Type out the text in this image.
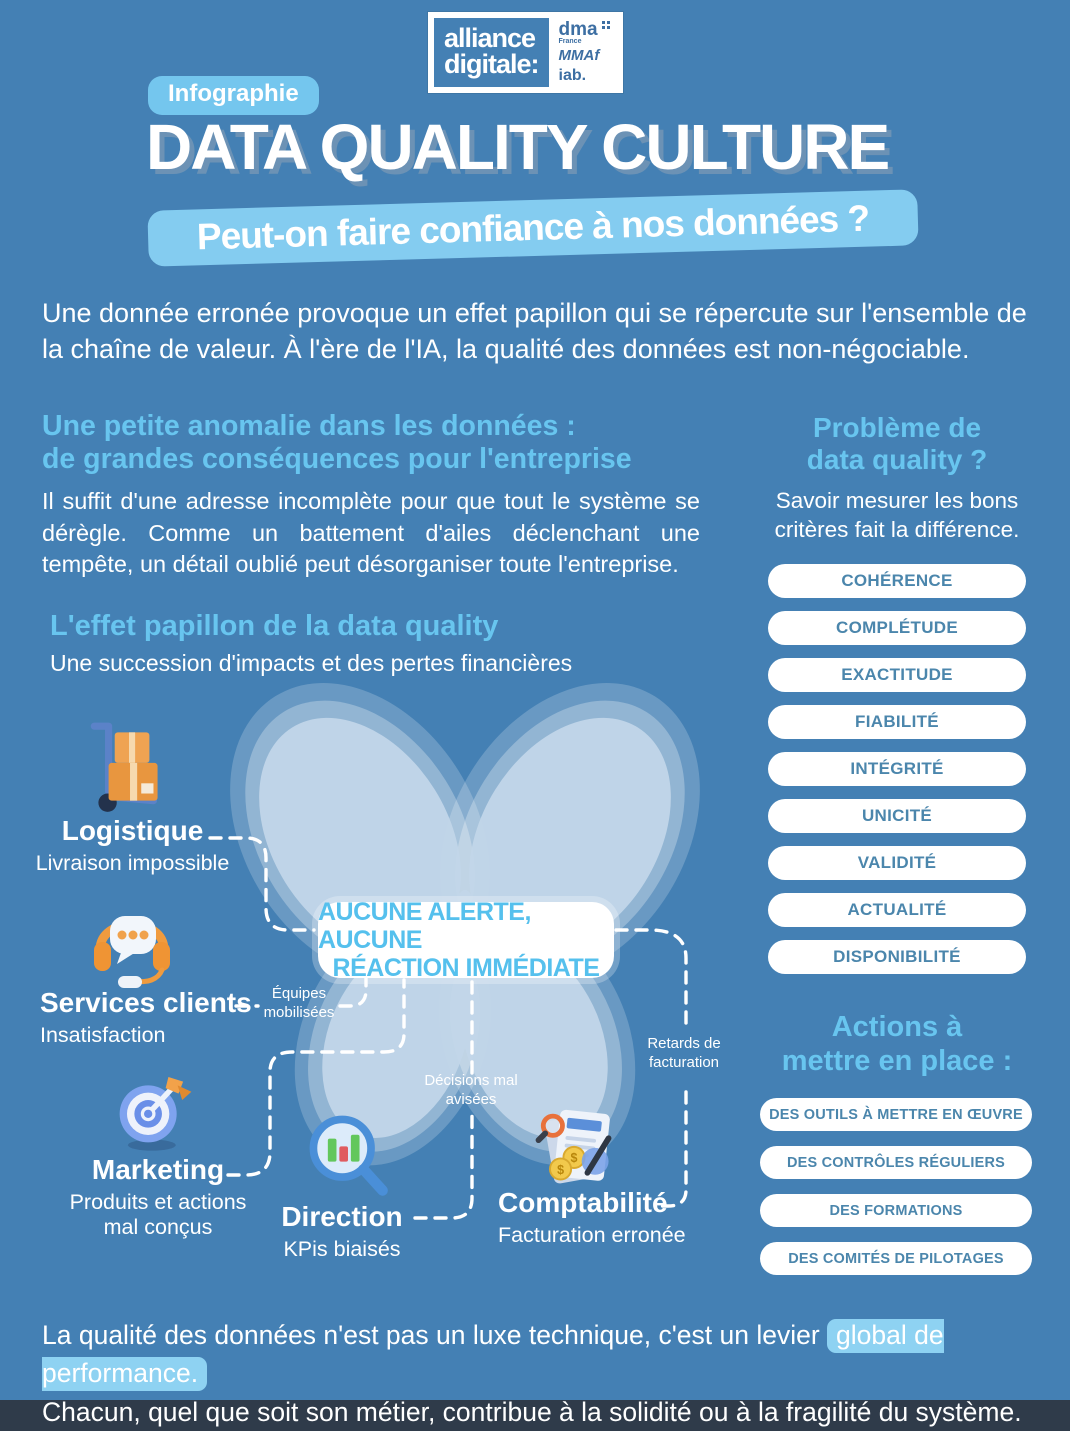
alliance
digitale:
dma
France
MMAf
iab.
Infographie
DATA QUALITY CULTURE
Peut-on faire confiance à nos données ?
Une donnée erronée provoque un effet papillon qui se répercute sur l'ensemble de la chaîne de valeur. À l'ère de l'IA, la qualité des données est non-négociable.
Une petite anomalie dans les données :
de grandes conséquences pour l'entreprise
Il suffit d'une adresse incomplète pour que tout le système se dérègle. Comme un battement d'ailes déclenchant une tempête, un détail oublié peut désorganiser toute l'entreprise.
L'effet papillon de la data quality
Une succession d'impacts et des pertes financières
Problème de
data quality ?
Savoir mesurer les bons critères fait la différence.
COHÉRENCE
COMPLÉTUDE
EXACTITUDE
FIABILITÉ
INTÉGRITÉ
UNICITÉ
VALIDITÉ
ACTUALITÉ
DISPONIBILITÉ
Actions à
mettre en place :
DES OUTILS À METTRE EN ŒUVRE
DES CONTRÔLES RÉGULIERS
DES FORMATIONS
DES COMITÉS DE PILOTAGES
AUCUNE ALERTE, AUCUNE
RÉACTION IMMÉDIATE
Logistique
Livraison impossible
Services clients
Insatisfaction
Marketing
Produits et actions mal conçus	Direction
KPis biaisés
$
$
Comptabilité
Facturation erronée
Équipes mobilisées
Décisions mal avisées
Retards de facturation
La qualité des données n'est pas un luxe technique, c'est un levier global de performance.
Chacun, quel que soit son métier, contribue à la solidité ou à la fragilité du système.
